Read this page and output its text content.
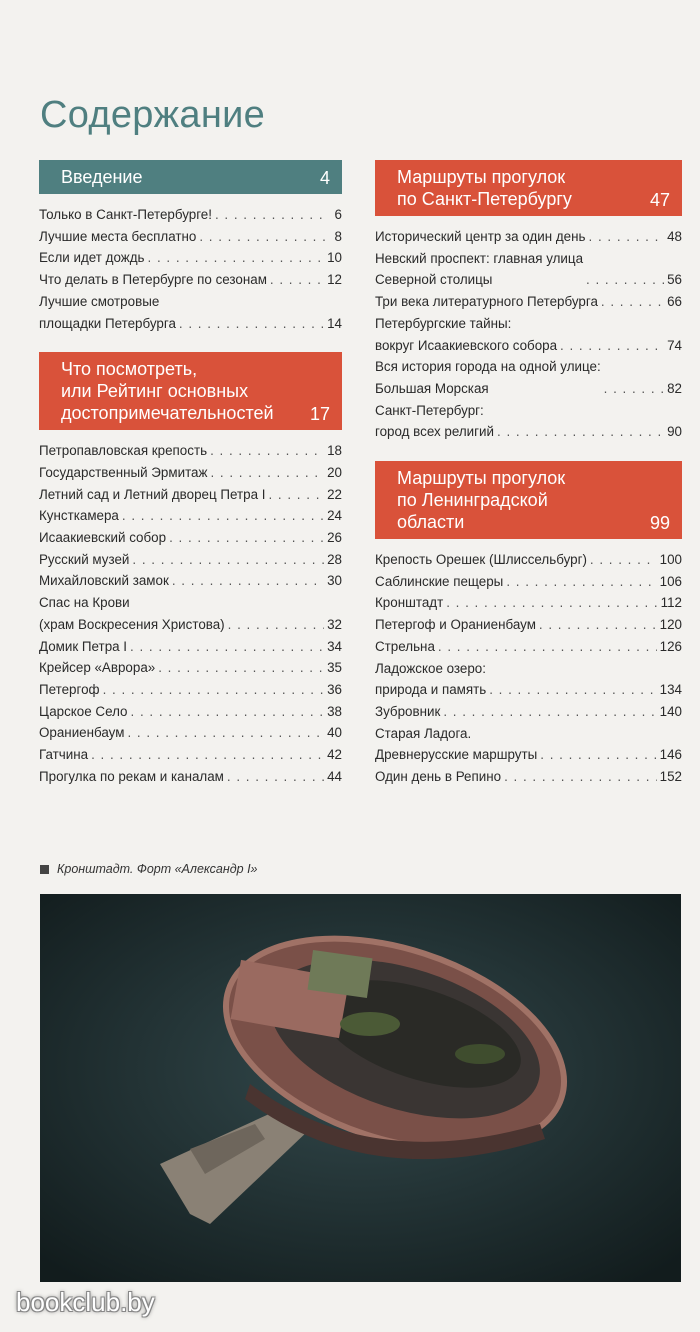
Содержание
Введение	4
Только в Санкт-Петербурге! . . .	6
Лучшие места бесплатно . . .	8
Если идет дождь . . .	10
Что делать в Петербурге по сезонам . . .	12
Лучшие смотровые
площадки Петербурга . . .	14
Что посмотреть,
или Рейтинг основных
достопримечательностей	17
Петропавловская крепость . . .	18
Государственный Эрмитаж . . .	20
Летний сад и Летний дворец Петра I . . .	22
Кунсткамера . . .	24
Исаакиевский собор . . .	26
Русский музей . . .	28
Михайловский замок . . .	30
Спас на Крови
(храм Воскресения Христова) . . .	32
Домик Петра I . . .	34
Крейсер «Аврора» . . .	35
Петергоф . . .	36
Царское Село . . .	38
Ораниенбаум . . .	40
Гатчина . . .	42
Прогулка по рекам и каналам . . .	44
Маршруты прогулок
по Санкт-Петербургу	47
Исторический центр за один день . . .	48
Невский проспект: главная улица
Северной столицы . . .	56
Три века литературного Петербурга . . .	66
Петербургские тайны:
вокруг Исаакиевского собора . . .	74
Вся история города на одной улице:
Большая Морская . . .	82
Санкт-Петербург:
город всех религий . . .	90
Маршруты прогулок
по Ленинградской
области	99
Крепость Орешек (Шлиссельбург) . . .	100
Саблинские пещеры . . .	106
Кронштадт . . .	112
Петергоф и Ораниенбаум . . .	120
Стрельна . . .	126
Ладожское озеро:
природа и память . . .	134
Зубровник . . .	140
Старая Ладога.
Древнерусские маршруты . . .	146
Один день в Репино . . .	152
Кронштадт. Форт «Александр I»
bookclub.by
